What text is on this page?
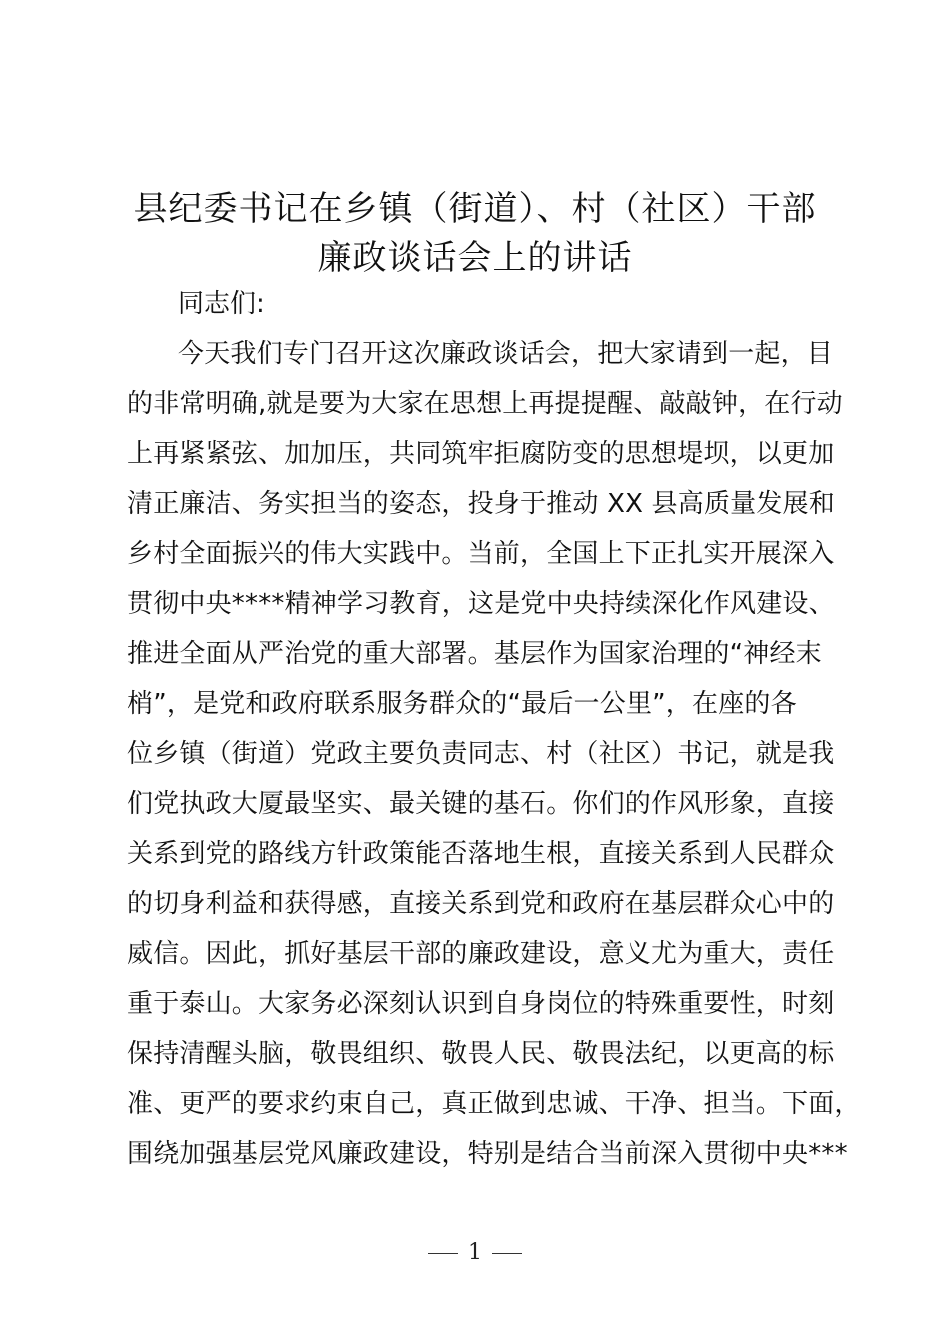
县纪委书记在乡镇（街道）、村（社区）干部
廉政谈话会上的讲话
同志们:
今天我们专门召开这次廉政谈话会，把大家请到一起，目
的非常明确,就是要为大家在思想上再提提醒、敲敲钟，在行动
上再紧紧弦、加加压，共同筑牢拒腐防变的思想堤坝，以更加
清正廉洁、务实担当的姿态，投身于推动 XX 县高质量发展和
乡村全面振兴的伟大实践中。当前，全国上下正扎实开展深入
贯彻中央****精神学习教育，这是党中央持续深化作风建设、
推进全面从严治党的重大部署。基层作为国家治理的“神经末
梢”，是党和政府联系服务群众的“最后一公里”，在座的各
位乡镇（街道）党政主要负责同志、村（社区）书记，就是我
们党执政大厦最坚实、最关键的基石。你们的作风形象，直接
关系到党的路线方针政策能否落地生根，直接关系到人民群众
的切身利益和获得感，直接关系到党和政府在基层群众心中的
威信。因此，抓好基层干部的廉政建设，意义尤为重大，责任
重于泰山。大家务必深刻认识到自身岗位的特殊重要性，时刻
保持清醒头脑，敬畏组织、敬畏人民、敬畏法纪，以更高的标
准、更严的要求约束自己，真正做到忠诚、干净、担当。下面，
围绕加强基层党风廉政建设，特别是结合当前深入贯彻中央***
1
